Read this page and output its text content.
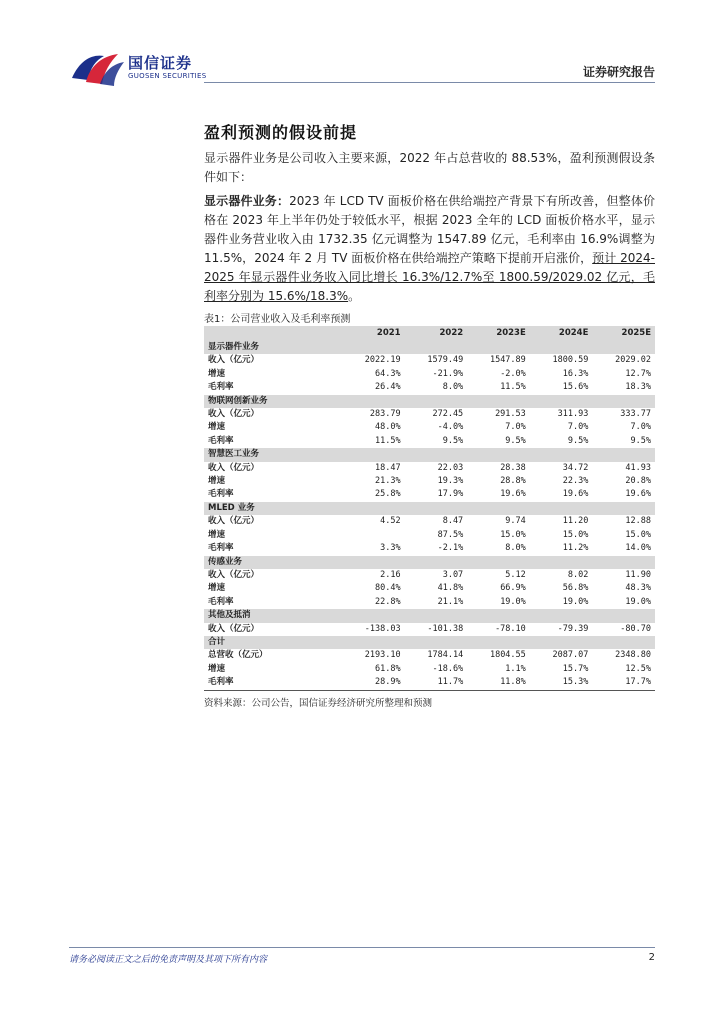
国信证券
GUOSEN SECURITIES	证券研究报告
盈利预测的假设前提

显示器件业务是公司收入主要来源，2022 年占总营收的 88.53%，盈利预测假设条件如下：

显示器件业务：2023 年 LCD TV 面板价格在供给端控产背景下有所改善，但整体价格在 2023 年上半年仍处于较低水平，根据 2023 全年的 LCD 面板价格水平，显示器件业务营业收入由 1732.35 亿元调整为 1547.89 亿元，毛利率由 16.9%调整为 11.5%，2024 年 2 月 TV 面板价格在供给端控产策略下提前开启涨价，预计 2024-2025 年显示器件业务收入同比增长 16.3%/12.7%至 1800.59/2029.02 亿元，毛利率分别为 15.6%/18.3%。

表1：公司营业收入及毛利率预测
	2021	2022	2023E	2024E	2025E
显示器件业务					
收入（亿元）	2022.19	1579.49	1547.89	1800.59	2029.02
增速	64.3%	-21.9%	-2.0%	16.3%	12.7%
毛利率	26.4%	8.0%	11.5%	15.6%	18.3%
物联网创新业务					
收入（亿元）	283.79	272.45	291.53	311.93	333.77
增速	48.0%	-4.0%	7.0%	7.0%	7.0%
毛利率	11.5%	9.5%	9.5%	9.5%	9.5%
智慧医工业务					
收入（亿元）	18.47	22.03	28.38	34.72	41.93
增速	21.3%	19.3%	28.8%	22.3%	20.8%
毛利率	25.8%	17.9%	19.6%	19.6%	19.6%
MLED 业务					
收入（亿元）	4.52	8.47	9.74	11.20	12.88
增速		87.5%	15.0%	15.0%	15.0%
毛利率	3.3%	-2.1%	8.0%	11.2%	14.0%
传感业务					
收入（亿元）	2.16	3.07	5.12	8.02	11.90
增速	80.4%	41.8%	66.9%	56.8%	48.3%
毛利率	22.8%	21.1%	19.0%	19.0%	19.0%
其他及抵消					
收入（亿元）	-138.03	-101.38	-78.10	-79.39	-80.70
合计					
总营收（亿元）	2193.10	1784.14	1804.55	2087.07	2348.80
增速	61.8%	-18.6%	1.1%	15.7%	12.5%
毛利率	28.9%	11.7%	11.8%	15.3%	17.7%
资料来源：公司公告，国信证券经济研究所整理和预测
请务必阅读正文之后的免责声明及其项下所有内容	2
